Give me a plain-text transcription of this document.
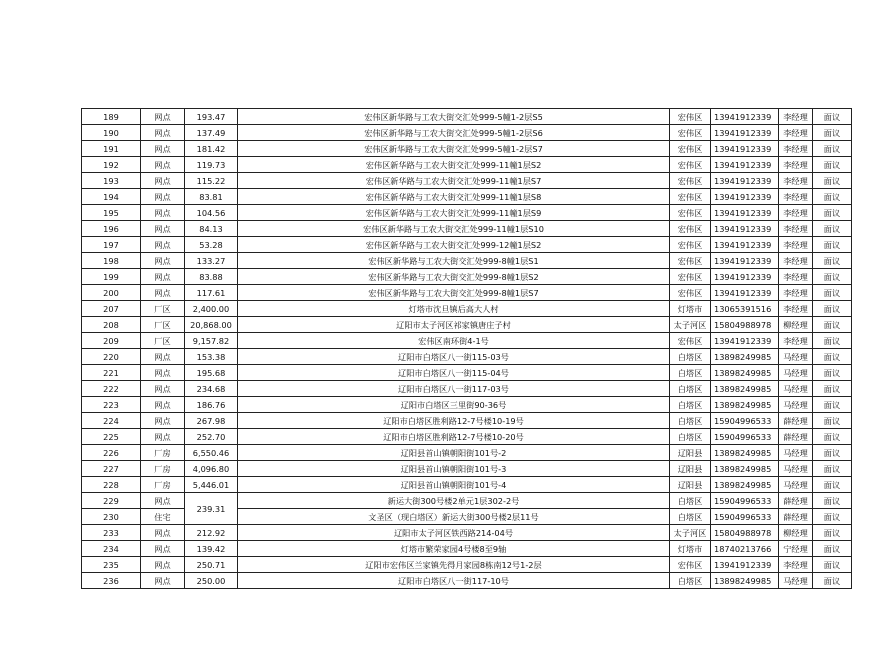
189	网点	193.47	宏伟区新华路与工农大街交汇处999-5幢1-2层S5	宏伟区	13941912339	李经理	面议
190	网点	137.49	宏伟区新华路与工农大街交汇处999-5幢1-2层S6	宏伟区	13941912339	李经理	面议
191	网点	181.42	宏伟区新华路与工农大街交汇处999-5幢1-2层S7	宏伟区	13941912339	李经理	面议
192	网点	119.73	宏伟区新华路与工农大街交汇处999-11幢1层S2	宏伟区	13941912339	李经理	面议
193	网点	115.22	宏伟区新华路与工农大街交汇处999-11幢1层S7	宏伟区	13941912339	李经理	面议
194	网点	83.81	宏伟区新华路与工农大街交汇处999-11幢1层S8	宏伟区	13941912339	李经理	面议
195	网点	104.56	宏伟区新华路与工农大街交汇处999-11幢1层S9	宏伟区	13941912339	李经理	面议
196	网点	84.13	宏伟区新华路与工农大街交汇处999-11幢1层S10	宏伟区	13941912339	李经理	面议
197	网点	53.28	宏伟区新华路与工农大街交汇处999-12幢1层S2	宏伟区	13941912339	李经理	面议
198	网点	133.27	宏伟区新华路与工农大街交汇处999-8幢1层S1	宏伟区	13941912339	李经理	面议
199	网点	83.88	宏伟区新华路与工农大街交汇处999-8幢1层S2	宏伟区	13941912339	李经理	面议
200	网点	117.61	宏伟区新华路与工农大街交汇处999-8幢1层S7	宏伟区	13941912339	李经理	面议
207	厂区	2,400.00	灯塔市沈旦镇后高大人村	灯塔市	13065391516	李经理	面议
208	厂区	20,868.00	辽阳市太子河区祁家镇唐庄子村	太子河区	15804988978	柳经理	面议
209	厂区	9,157.82	宏伟区南环街4-1号	宏伟区	13941912339	李经理	面议
220	网点	153.38	辽阳市白塔区八一街115-03号	白塔区	13898249985	马经理	面议
221	网点	195.68	辽阳市白塔区八一街115-04号	白塔区	13898249985	马经理	面议
222	网点	234.68	辽阳市白塔区八一街117-03号	白塔区	13898249985	马经理	面议
223	网点	186.76	辽阳市白塔区三里街90-36号	白塔区	13898249985	马经理	面议
224	网点	267.98	辽阳市白塔区胜利路12-7号楼10-19号	白塔区	15904996533	薛经理	面议
225	网点	252.70	辽阳市白塔区胜利路12-7号楼10-20号	白塔区	15904996533	薛经理	面议
226	厂房	6,550.46	辽阳县首山镇朝阳街101号-2	辽阳县	13898249985	马经理	面议
227	厂房	4,096.80	辽阳县首山镇朝阳街101号-3	辽阳县	13898249985	马经理	面议
228	厂房	5,446.01	辽阳县首山镇朝阳街101号-4	辽阳县	13898249985	马经理	面议
229	网点	239.31	新运大街300号楼2单元1层302-2号	白塔区	15904996533	薛经理	面议
230	住宅		文圣区（现白塔区）新运大街300号楼2层11号	白塔区	15904996533	薛经理	面议
233	网点	212.92	辽阳市太子河区铁西路214-04号	太子河区	15804988978	柳经理	面议
234	网点	139.42	灯塔市繁荣家园4号楼8至9轴	灯塔市	18740213766	宁经理	面议
235	网点	250.71	辽阳市宏伟区兰家镇先得月家园8栋南12号1-2层	宏伟区	13941912339	李经理	面议
236	网点	250.00	辽阳市白塔区八一街117-10号	白塔区	13898249985	马经理	面议
